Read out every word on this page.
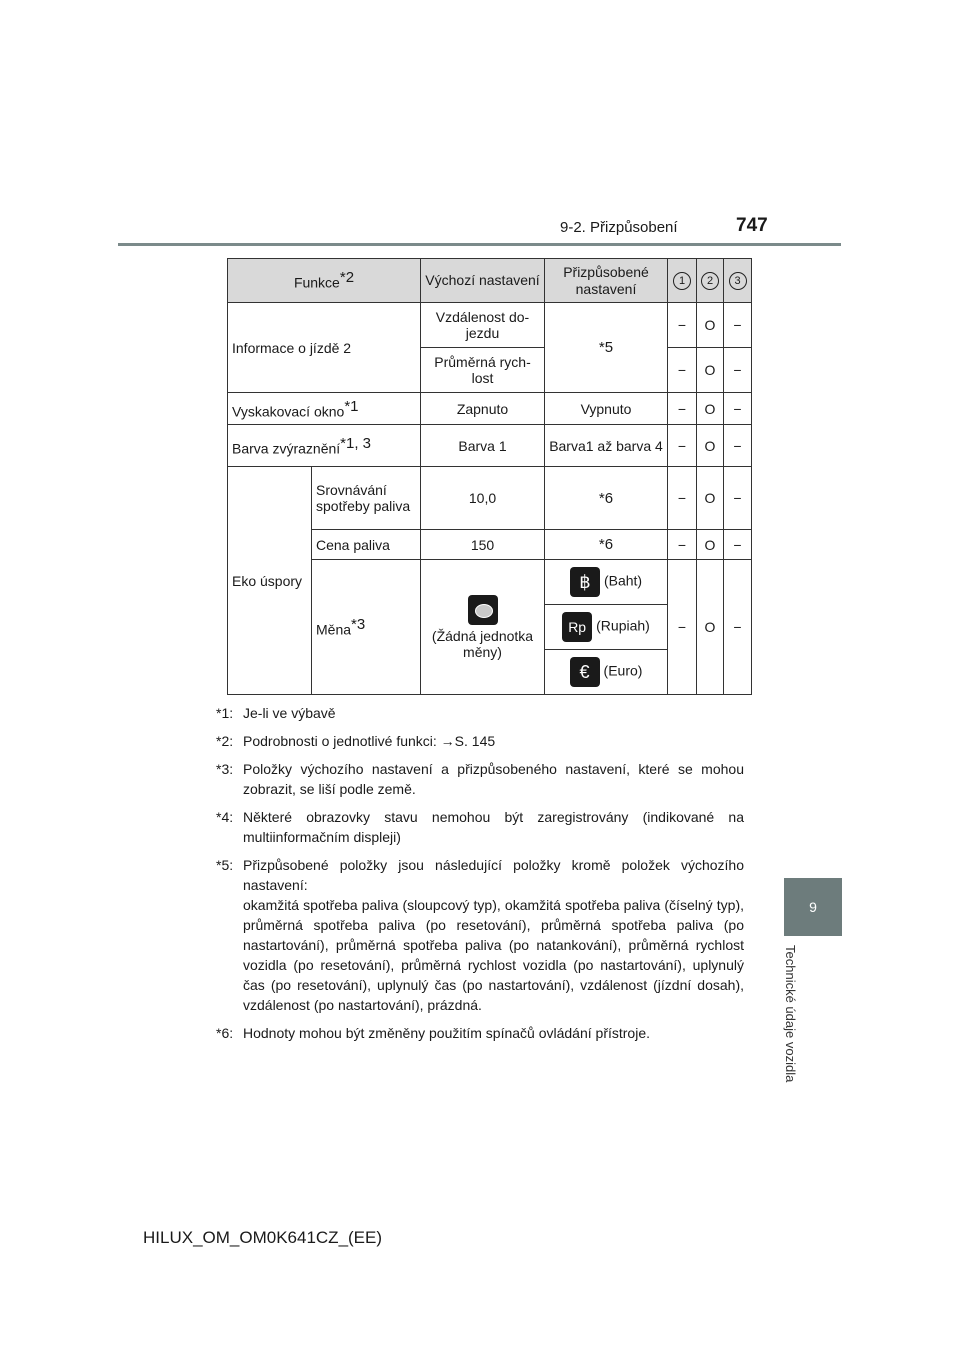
9-2. Přizpůsobení	747
9
Technické údaje vozidla
Funkce$^{*2}$		Výchozí nastavení	Přizpůsobené nastavení	1	2	3
Informace o jízdě 2		Vzdálenost do-jezdu	*5	−	O	−
		Průměrná rych-lost		−	O	−
Vyskakovací okno$^{*1}$		Zapnuto	Vypnuto	−	O	−
Barva zvýraznění$^{*1, 3}$		Barva 1	Barva1 až barva 4	−	O	−
Eko úspory	Srovnávání spotřeby paliva	10,0	*6	−	O	−
	Cena paliva	150	*6	−	O	−
	Měna$^{*3}$	(Žádná jednotka měny)	฿ (Baht)	−	O	−
			Rp (Rupiah)			
			€ (Euro)			
*1: Je-li ve výbavě
*2: Podrobnosti o jednotlivé funkci: →S. 145
*3: Položky výchozího nastavení a přizpůsobeného nastavení, které se mohou zobrazit, se liší podle země.
*4: Některé obrazovky stavu nemohou být zaregistrovány (indikované na multiinformačním displeji)
*5: Přizpůsobené položky jsou následující položky kromě položek výchozího nastavení:
okamžitá spotřeba paliva (sloupcový typ), okamžitá spotřeba paliva (číselný typ), průměrná spotřeba paliva (po resetování), průměrná spotřeba paliva (po nastartování), průměrná spotřeba paliva (po natankování), průměrná rychlost vozidla (po resetování), průměrná rychlost vozidla (po nastartování), uplynulý čas (po resetování), uplynulý čas (po nastartování), vzdálenost (jízdní dosah), vzdálenost (po nastartování), prázdná.
*6: Hodnoty mohou být změněny použitím spínačů ovládání přístroje.
HILUX_OM_OM0K641CZ_(EE)
